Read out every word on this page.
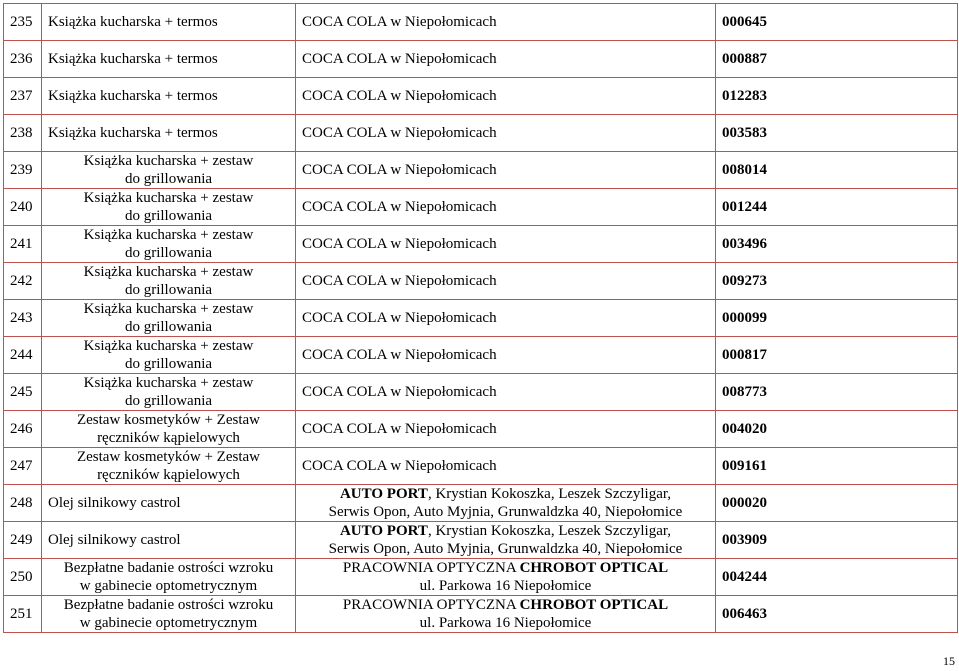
235	Książka kucharska + termos	COCA COLA w Niepołomicach	000645
236	Książka kucharska + termos	COCA COLA w Niepołomicach	000887
237	Książka kucharska + termos	COCA COLA w Niepołomicach	012283
238	Książka kucharska + termos	COCA COLA w Niepołomicach	003583
239	Książka kucharska + zestaw
do grillowania	COCA COLA w Niepołomicach	008014
240	Książka kucharska + zestaw
do grillowania	COCA COLA w Niepołomicach	001244
241	Książka kucharska + zestaw
do grillowania	COCA COLA w Niepołomicach	003496
242	Książka kucharska + zestaw
do grillowania	COCA COLA w Niepołomicach	009273
243	Książka kucharska + zestaw
do grillowania	COCA COLA w Niepołomicach	000099
244	Książka kucharska + zestaw
do grillowania	COCA COLA w Niepołomicach	000817
245	Książka kucharska + zestaw
do grillowania	COCA COLA w Niepołomicach	008773
246	Zestaw kosmetyków + Zestaw
ręczników kąpielowych	COCA COLA w Niepołomicach	004020
247	Zestaw kosmetyków + Zestaw
ręczników kąpielowych	COCA COLA w Niepołomicach	009161
248	Olej silnikowy castrol	AUTO PORT, Krystian Kokoszka, Leszek Szczyligar,
Serwis Opon, Auto Myjnia, Grunwaldzka 40, Niepołomice	000020
249	Olej silnikowy castrol	AUTO PORT, Krystian Kokoszka, Leszek Szczyligar,
Serwis Opon, Auto Myjnia, Grunwaldzka 40, Niepołomice	003909
250	Bezpłatne badanie ostrości wzroku
w gabinecie optometrycznym	PRACOWNIA OPTYCZNA CHROBOT OPTICAL
ul. Parkowa 16 Niepołomice	004244
251	Bezpłatne badanie ostrości wzroku
w gabinecie optometrycznym	PRACOWNIA OPTYCZNA CHROBOT OPTICAL
ul. Parkowa 16 Niepołomice	006463
15
